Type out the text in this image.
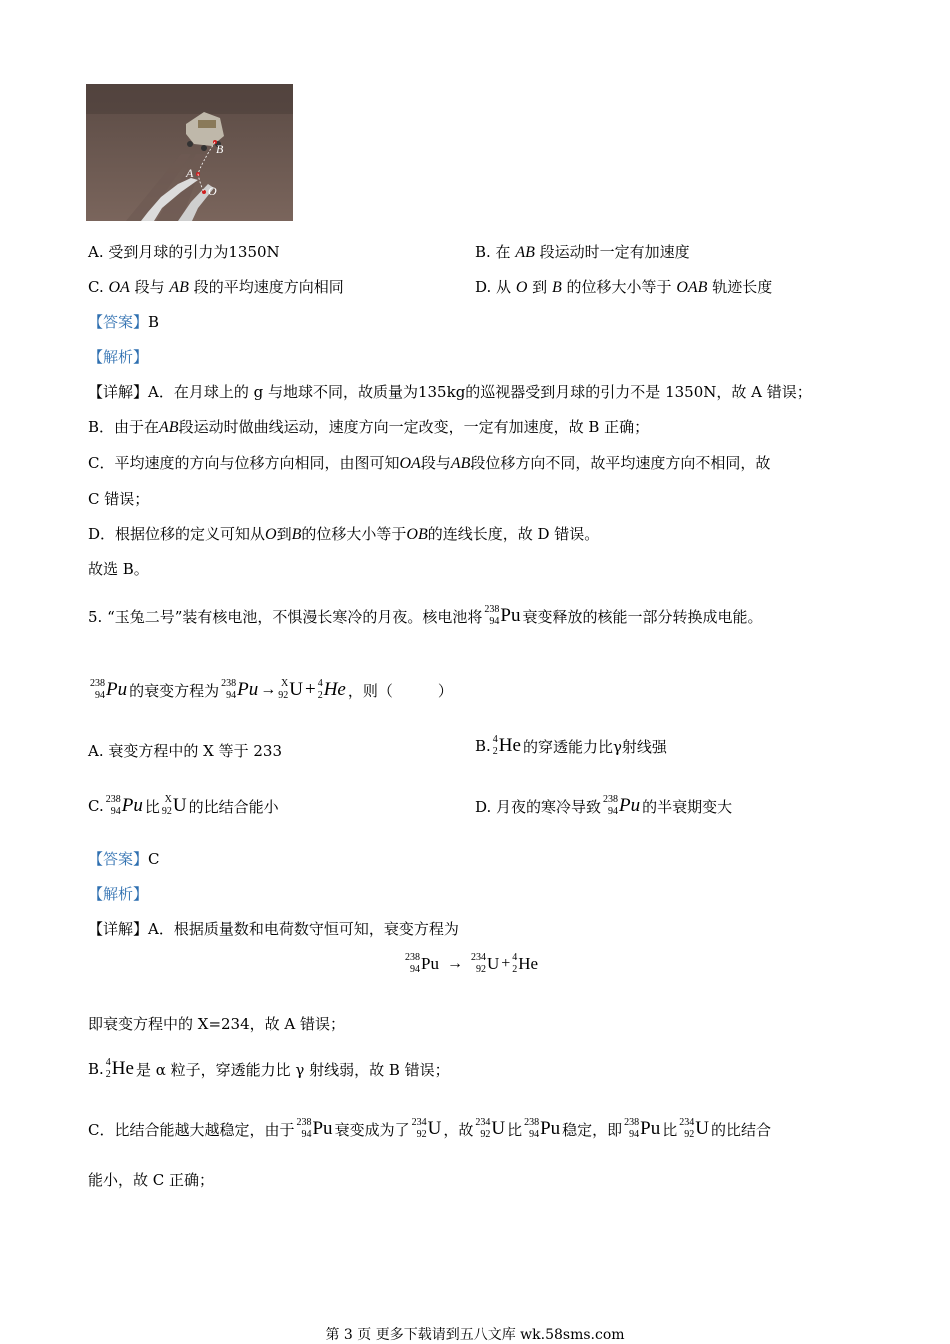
B
A
O
A. 受到月球的引力为1350N	B. 在 AB 段运动时一定有加速度
C. OA 段与 AB 段的平均速度方向相同	D. 从 O 到 B 的位移大小等于 OAB 轨迹长度
【答案】B
【解析】
【详解】A．在月球上的 g 与地球不同，故质量为135kg的巡视器受到月球的引力不是 1350N，故 A 错误；
B．由于在AB段运动时做曲线运动，速度方向一定改变，一定有加速度，故 B 正确；
C．平均速度的方向与位移方向相同，由图可知OA段与AB段位移方向不同，故平均速度方向不相同，故
C 错误；
D．根据位移的定义可知从O到B的位移大小等于OB的连线长度，故 D 错误。
故选 B。
5. “玉兔二号”装有核电池，不惧漫长寒冷的月夜。核电池将 238
94 Pu 衰变释放的核能一部分转换成电能。
238
94 Pu 的衰变方程为 238
94 Pu → X
92 U + 4
2 He ，则（　　　）
A. 衰变方程中的 X 等于 233	B. 4
2 He 的穿透能力比γ射线强
C. 238
94 Pu 比 X
92 U 的比结合能小	D. 月夜的寒冷导致 238
94 Pu 的半衰期变大
【答案】C
【解析】
【详解】A．根据质量数和电荷数守恒可知，衰变方程为
238
94 Pu → 234
92 U + 4
2 He
即衰变方程中的 X=234，故 A 错误；
B. 4
2 He 是 α 粒子，穿透能力比 γ 射线弱，故 B 错误；
C．比结合能越大越稳定，由于 238
94 Pu 衰变成为了 234
92 U ，故 234
92 U 比 238
94 Pu 稳定，即 238
94 Pu 比 234
92 U 的比结合
能小，故 C 正确；
第 3 页 更多下载请到五八文库 wk.58sms.com
